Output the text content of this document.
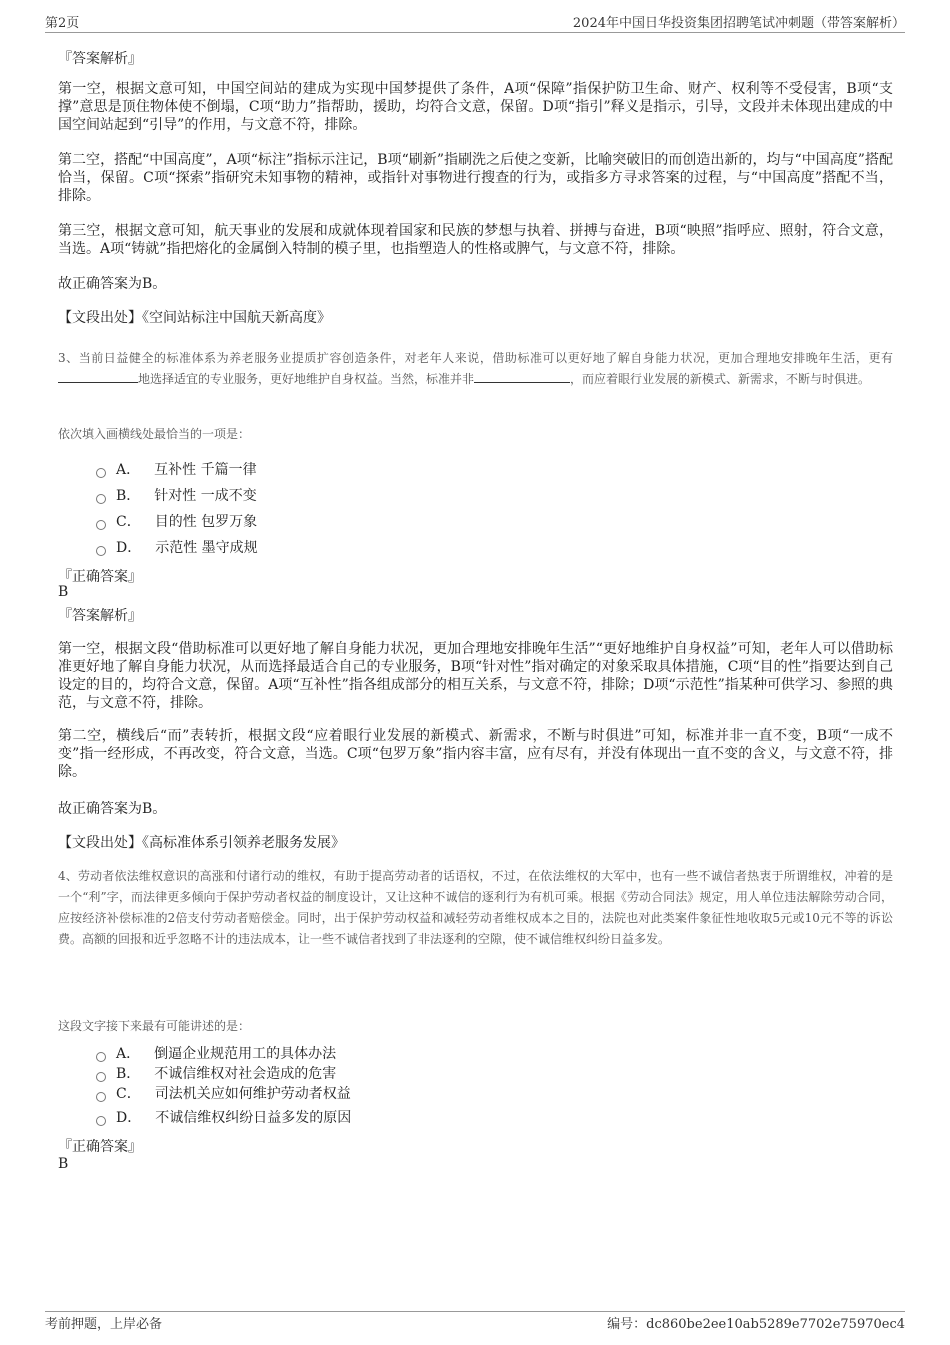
第2页	2024年中国日华投资集团招聘笔试冲刺题（带答案解析）
『答案解析』

第一空，根据文意可知，中国空间站的建成为实现中国梦提供了条件，A项“保障”指保护防卫生命、财产、权利等不受侵害，B项“支撑”意思是顶住物体使不倒塌，C项“助力”指帮助，援助，均符合文意，保留。D项“指引”释义是指示，引导，文段并未体现出建成的中国空间站起到“引导”的作用，与文意不符，排除。

第二空，搭配“中国高度”，A项“标注”指标示注记，B项“刷新”指刷洗之后使之变新，比喻突破旧的而创造出新的，均与“中国高度”搭配恰当，保留。C项“探索”指研究未知事物的精神，或指针对事物进行搜查的行为，或指多方寻求答案的过程，与“中国高度”搭配不当，排除。

第三空，根据文意可知，航天事业的发展和成就体现着国家和民族的梦想与执着、拼搏与奋进，B项“映照”指呼应、照射，符合文意，当选。A项“铸就”指把熔化的金属倒入特制的模子里，也指塑造人的性格或脾气，与文意不符，排除。

故正确答案为B。
【文段出处】《空间站标注中国航天新高度》

3、当前日益健全的标准体系为养老服务业提质扩容创造条件，对老年人来说，借助标准可以更好地了解自身能力状况，更加合理地安排晚年生活，更有地选择适宜的专业服务，更好地维护自身权益。当然，标准并非	，而应着眼行业发展的新模式、新需求，不断与时俱进。

依次填入画横线处最恰当的一项是：
A． 互补性 千篇一律
B． 针对性 一成不变
C． 目的性 包罗万象
D． 示范性 墨守成规
『正确答案』
B
『答案解析』

第一空，根据文段“借助标准可以更好地了解自身能力状况，更加合理地安排晚年生活”“更好地维护自身权益”可知，老年人可以借助标准更好地了解自身能力状况，从而选择最适合自己的专业服务，B项“针对性”指对确定的对象采取具体措施，C项“目的性”指要达到自己设定的目的，均符合文意，保留。A项“互补性”指各组成部分的相互关系，与文意不符，排除；D项“示范性”指某种可供学习、参照的典范，与文意不符，排除。

第二空，横线后“而”表转折，根据文段“应着眼行业发展的新模式、新需求，不断与时俱进”可知，标准并非一直不变，B项“一成不变”指一经形成，不再改变，符合文意，当选。C项“包罗万象”指内容丰富，应有尽有，并没有体现出一直不变的含义，与文意不符，排除。

故正确答案为B。
【文段出处】《高标准体系引领养老服务发展》

4、劳动者依法维权意识的高涨和付诸行动的维权，有助于提高劳动者的话语权，不过，在依法维权的大军中，也有一些不诚信者热衷于所谓维权，冲着的是一个“利”字，而法律更多倾向于保护劳动者权益的制度设计，又让这种不诚信的逐利行为有机可乘。根据《劳动合同法》规定，用人单位违法解除劳动合同，应按经济补偿标准的2倍支付劳动者赔偿金。同时，出于保护劳动权益和减轻劳动者维权成本之目的，法院也对此类案件象征性地收取5元或10元不等的诉讼费。高额的回报和近乎忽略不计的违法成本，让一些不诚信者找到了非法逐利的空隙，使不诚信维权纠纷日益多发。

这段文字接下来最有可能讲述的是：
A． 倒逼企业规范用工的具体办法
B． 不诚信维权对社会造成的危害
C． 司法机关应如何维护劳动者权益
D． 不诚信维权纠纷日益多发的原因
『正确答案』
B
考前押题，上岸必备	编号：dc860be2ee10ab5289e7702e75970ec4
